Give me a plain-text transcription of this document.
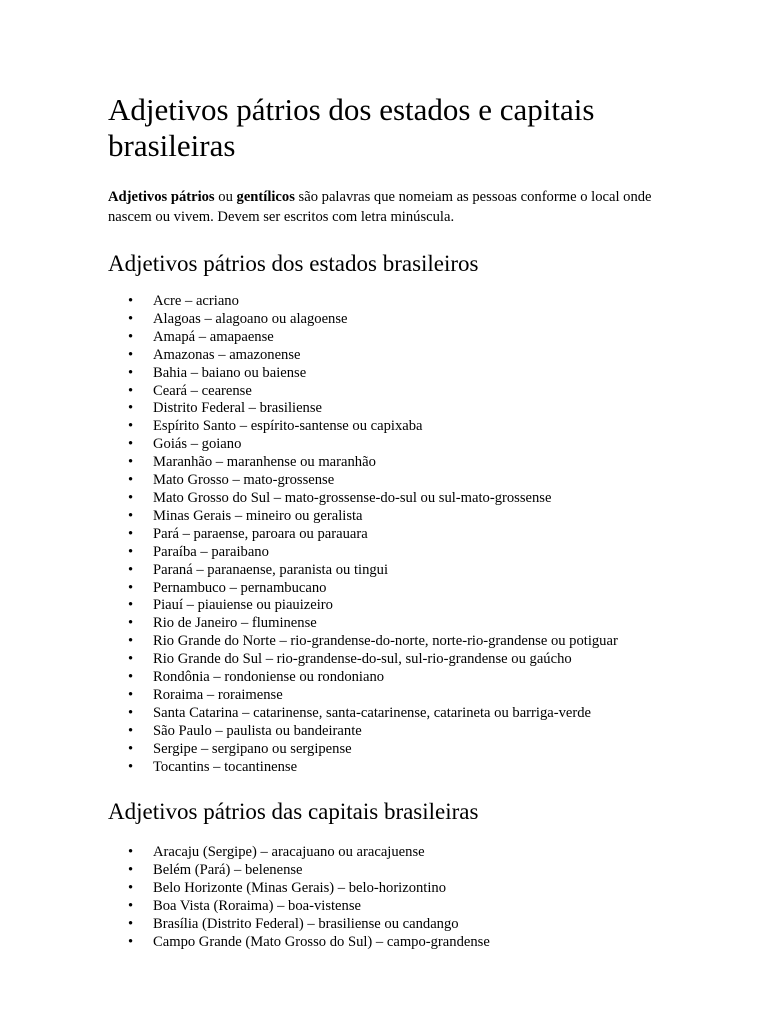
Adjetivos pátrios dos estados e capitais brasileiras

Adjetivos pátrios ou gentílicos são palavras que nomeiam as pessoas conforme o local onde nascem ou vivem. Devem ser escritos com letra minúscula.

Adjetivos pátrios dos estados brasileiros
• Acre – acriano
• Alagoas – alagoano ou alagoense
• Amapá – amapaense
• Amazonas – amazonense
• Bahia – baiano ou baiense
• Ceará – cearense
• Distrito Federal – brasiliense
• Espírito Santo – espírito-santense ou capixaba
• Goiás – goiano
• Maranhão – maranhense ou maranhão
• Mato Grosso – mato-grossense
• Mato Grosso do Sul – mato-grossense-do-sul ou sul-mato-grossense
• Minas Gerais – mineiro ou geralista
• Pará – paraense, paroara ou parauara
• Paraíba – paraibano
• Paraná – paranaense, paranista ou tingui
• Pernambuco – pernambucano
• Piauí – piauiense ou piauizeiro
• Rio de Janeiro – fluminense
• Rio Grande do Norte – rio-grandense-do-norte, norte-rio-grandense ou potiguar
• Rio Grande do Sul – rio-grandense-do-sul, sul-rio-grandense ou gaúcho
• Rondônia – rondoniense ou rondoniano
• Roraima – roraimense
• Santa Catarina – catarinense, santa-catarinense, catarineta ou barriga-verde
• São Paulo – paulista ou bandeirante
• Sergipe – sergipano ou sergipense
• Tocantins – tocantinense
Adjetivos pátrios das capitais brasileiras
• Aracaju (Sergipe) – aracajuano ou aracajuense
• Belém (Pará) – belenense
• Belo Horizonte (Minas Gerais) – belo-horizontino
• Boa Vista (Roraima) – boa-vistense
• Brasília (Distrito Federal) – brasiliense ou candango
• Campo Grande (Mato Grosso do Sul) – campo-grandense
